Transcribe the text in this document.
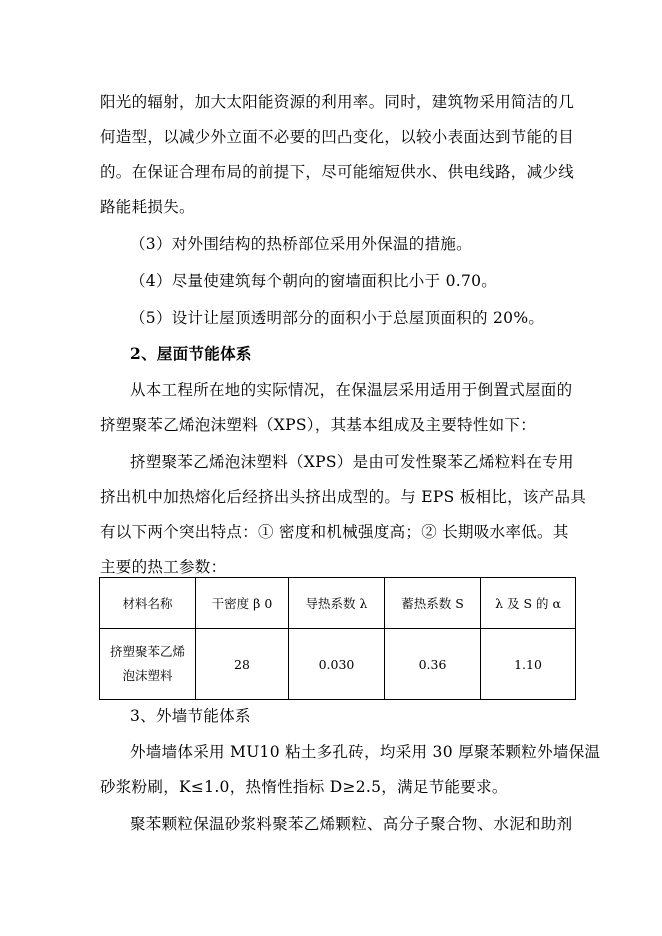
阳光的辐射，加大太阳能资源的利用率。同时，建筑物采用简洁的几
何造型，以减少外立面不必要的凹凸变化，以较小表面达到节能的目
的。在保证合理布局的前提下，尽可能缩短供水、供电线路，减少线
路能耗损失。
（3）对外围结构的热桥部位采用外保温的措施。
（4）尽量使建筑每个朝向的窗墙面积比小于 0.70。
（5）设计让屋顶透明部分的面积小于总屋顶面积的 20%。
2、屋面节能体系
从本工程所在地的实际情况，在保温层采用适用于倒置式屋面的
挤塑聚苯乙烯泡沫塑料（XPS），其基本组成及主要特性如下：
挤塑聚苯乙烯泡沫塑料（XPS）是由可发性聚苯乙烯粒料在专用
挤出机中加热熔化后经挤出头挤出成型的。与 EPS 板相比，该产品具
有以下两个突出特点：① 密度和机械强度高；② 长期吸水率低。其
主要的热工参数：
材料名称	干密度 β 0	导热系数 λ	蓄热系数 S	λ 及 S 的 α

挤塑聚苯乙烯
泡沫塑料	28	0.030	0.36	1.10
3、外墙节能体系
外墙墙体采用 MU10 粘土多孔砖，均采用 30 厚聚苯颗粒外墙保温
砂浆粉刷，K≤1.0，热惰性指标 D≥2.5，满足节能要求。
聚苯颗粒保温砂浆料聚苯乙烯颗粒、高分子聚合物、水泥和助剂
